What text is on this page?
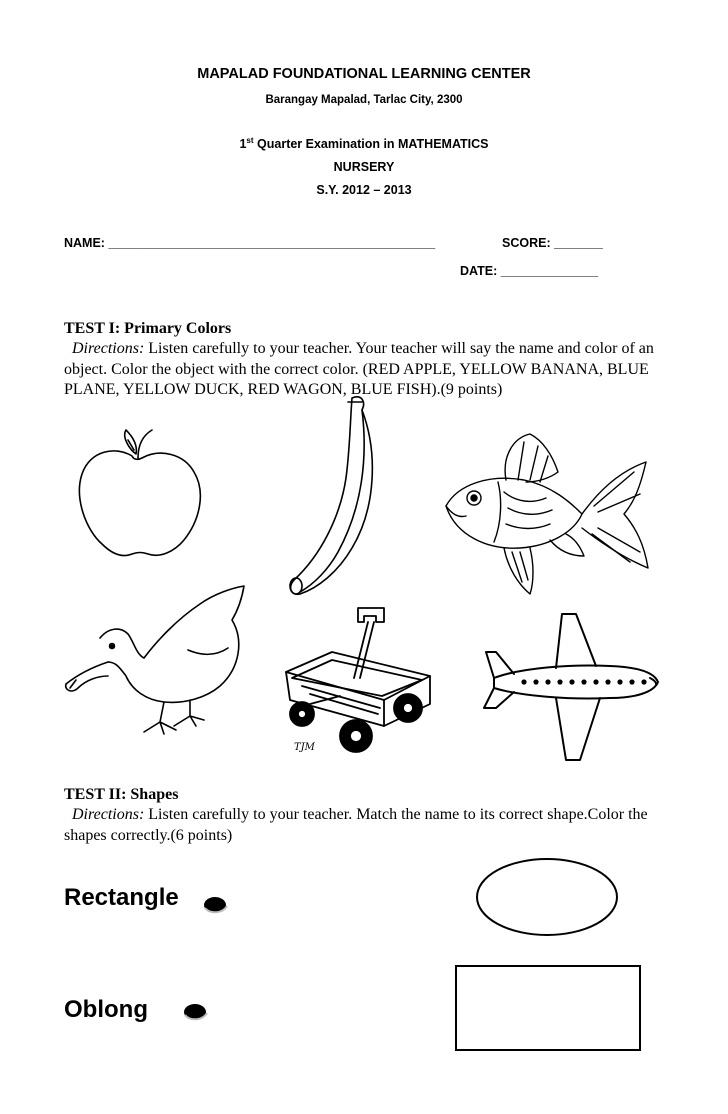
MAPALAD FOUNDATIONAL LEARNING CENTER
Barangay Mapalad, Tarlac City, 2300
1st Quarter Examination in MATHEMATICS
NURSERY
S.Y. 2012 – 2013
NAME: _______________________________________________	SCORE: _______
DATE: ______________
TEST I: Primary Colors
Directions: Listen carefully to your teacher. Your teacher will say the name and color of an object. Color the object with the correct color. (RED APPLE, YELLOW BANANA, BLUE PLANE, YELLOW DUCK, RED WAGON, BLUE FISH).(9 points)
TJM
TEST II: Shapes
Directions: Listen carefully to your teacher. Match the name to its correct shape.Color the shapes correctly.(6 points)
Rectangle
Oblong
